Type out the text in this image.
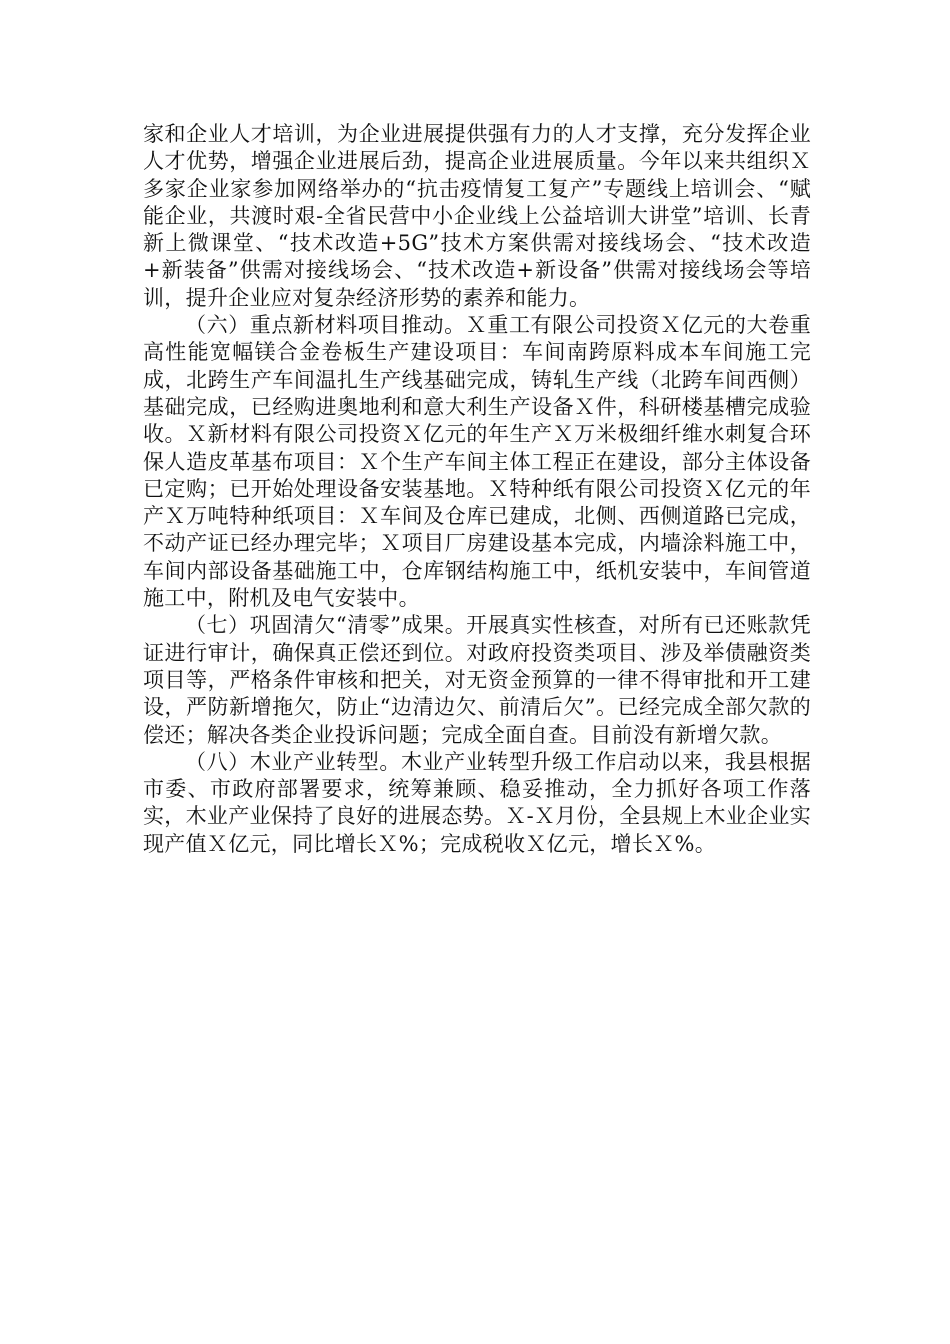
家和企业人才培训，为企业进展提供强有力的人才支撑，充分发挥企业人才优势，增强企业进展后劲，提高企业进展质量。今年以来共组织Ｘ多家企业家参加网络举办的“抗击疫情复工复产”专题线上培训会、“赋能企业，共渡时艰-全省民营中小企业线上公益培训大讲堂”培训、长青新上微课堂、“技术改造+5G”技术方案供需对接线场会、“技术改造+新装备”供需对接线场会、“技术改造+新设备”供需对接线场会等培训，提升企业应对复杂经济形势的素养和能力。

（六）重点新材料项目推动。Ｘ重工有限公司投资Ｘ亿元的大卷重高性能宽幅镁合金卷板生产建设项目：车间南跨原料成本车间施工完成，北跨生产车间温扎生产线基础完成，铸轧生产线（北跨车间西侧）基础完成，已经购进奥地利和意大利生产设备Ｘ件，科研楼基槽完成验收。Ｘ新材料有限公司投资Ｘ亿元的年生产Ｘ万米极细纤维水刺复合环保人造皮革基布项目：Ｘ个生产车间主体工程正在建设，部分主体设备已定购；已开始处理设备安装基地。Ｘ特种纸有限公司投资Ｘ亿元的年产Ｘ万吨特种纸项目：Ｘ车间及仓库已建成，北侧、西侧道路已完成，不动产证已经办理完毕；Ｘ项目厂房建设基本完成，内墙涂料施工中，车间内部设备基础施工中，仓库钢结构施工中，纸机安装中，车间管道施工中，附机及电气安装中。

（七）巩固清欠“清零”成果。开展真实性核查，对所有已还账款凭证进行审计，确保真正偿还到位。对政府投资类项目、涉及举债融资类项目等，严格条件审核和把关，对无资金预算的一律不得审批和开工建设，严防新增拖欠，防止“边清边欠、前清后欠”。已经完成全部欠款的偿还；解决各类企业投诉问题；完成全面自查。目前没有新增欠款。

（八）木业产业转型。木业产业转型升级工作启动以来，我县根据市委、市政府部署要求，统筹兼顾、稳妥推动，全力抓好各项工作落实，木业产业保持了良好的进展态势。Ｘ-Ｘ月份，全县规上木业企业实现产值Ｘ亿元，同比增长Ｘ%；完成税收Ｘ亿元，增长Ｘ%。
